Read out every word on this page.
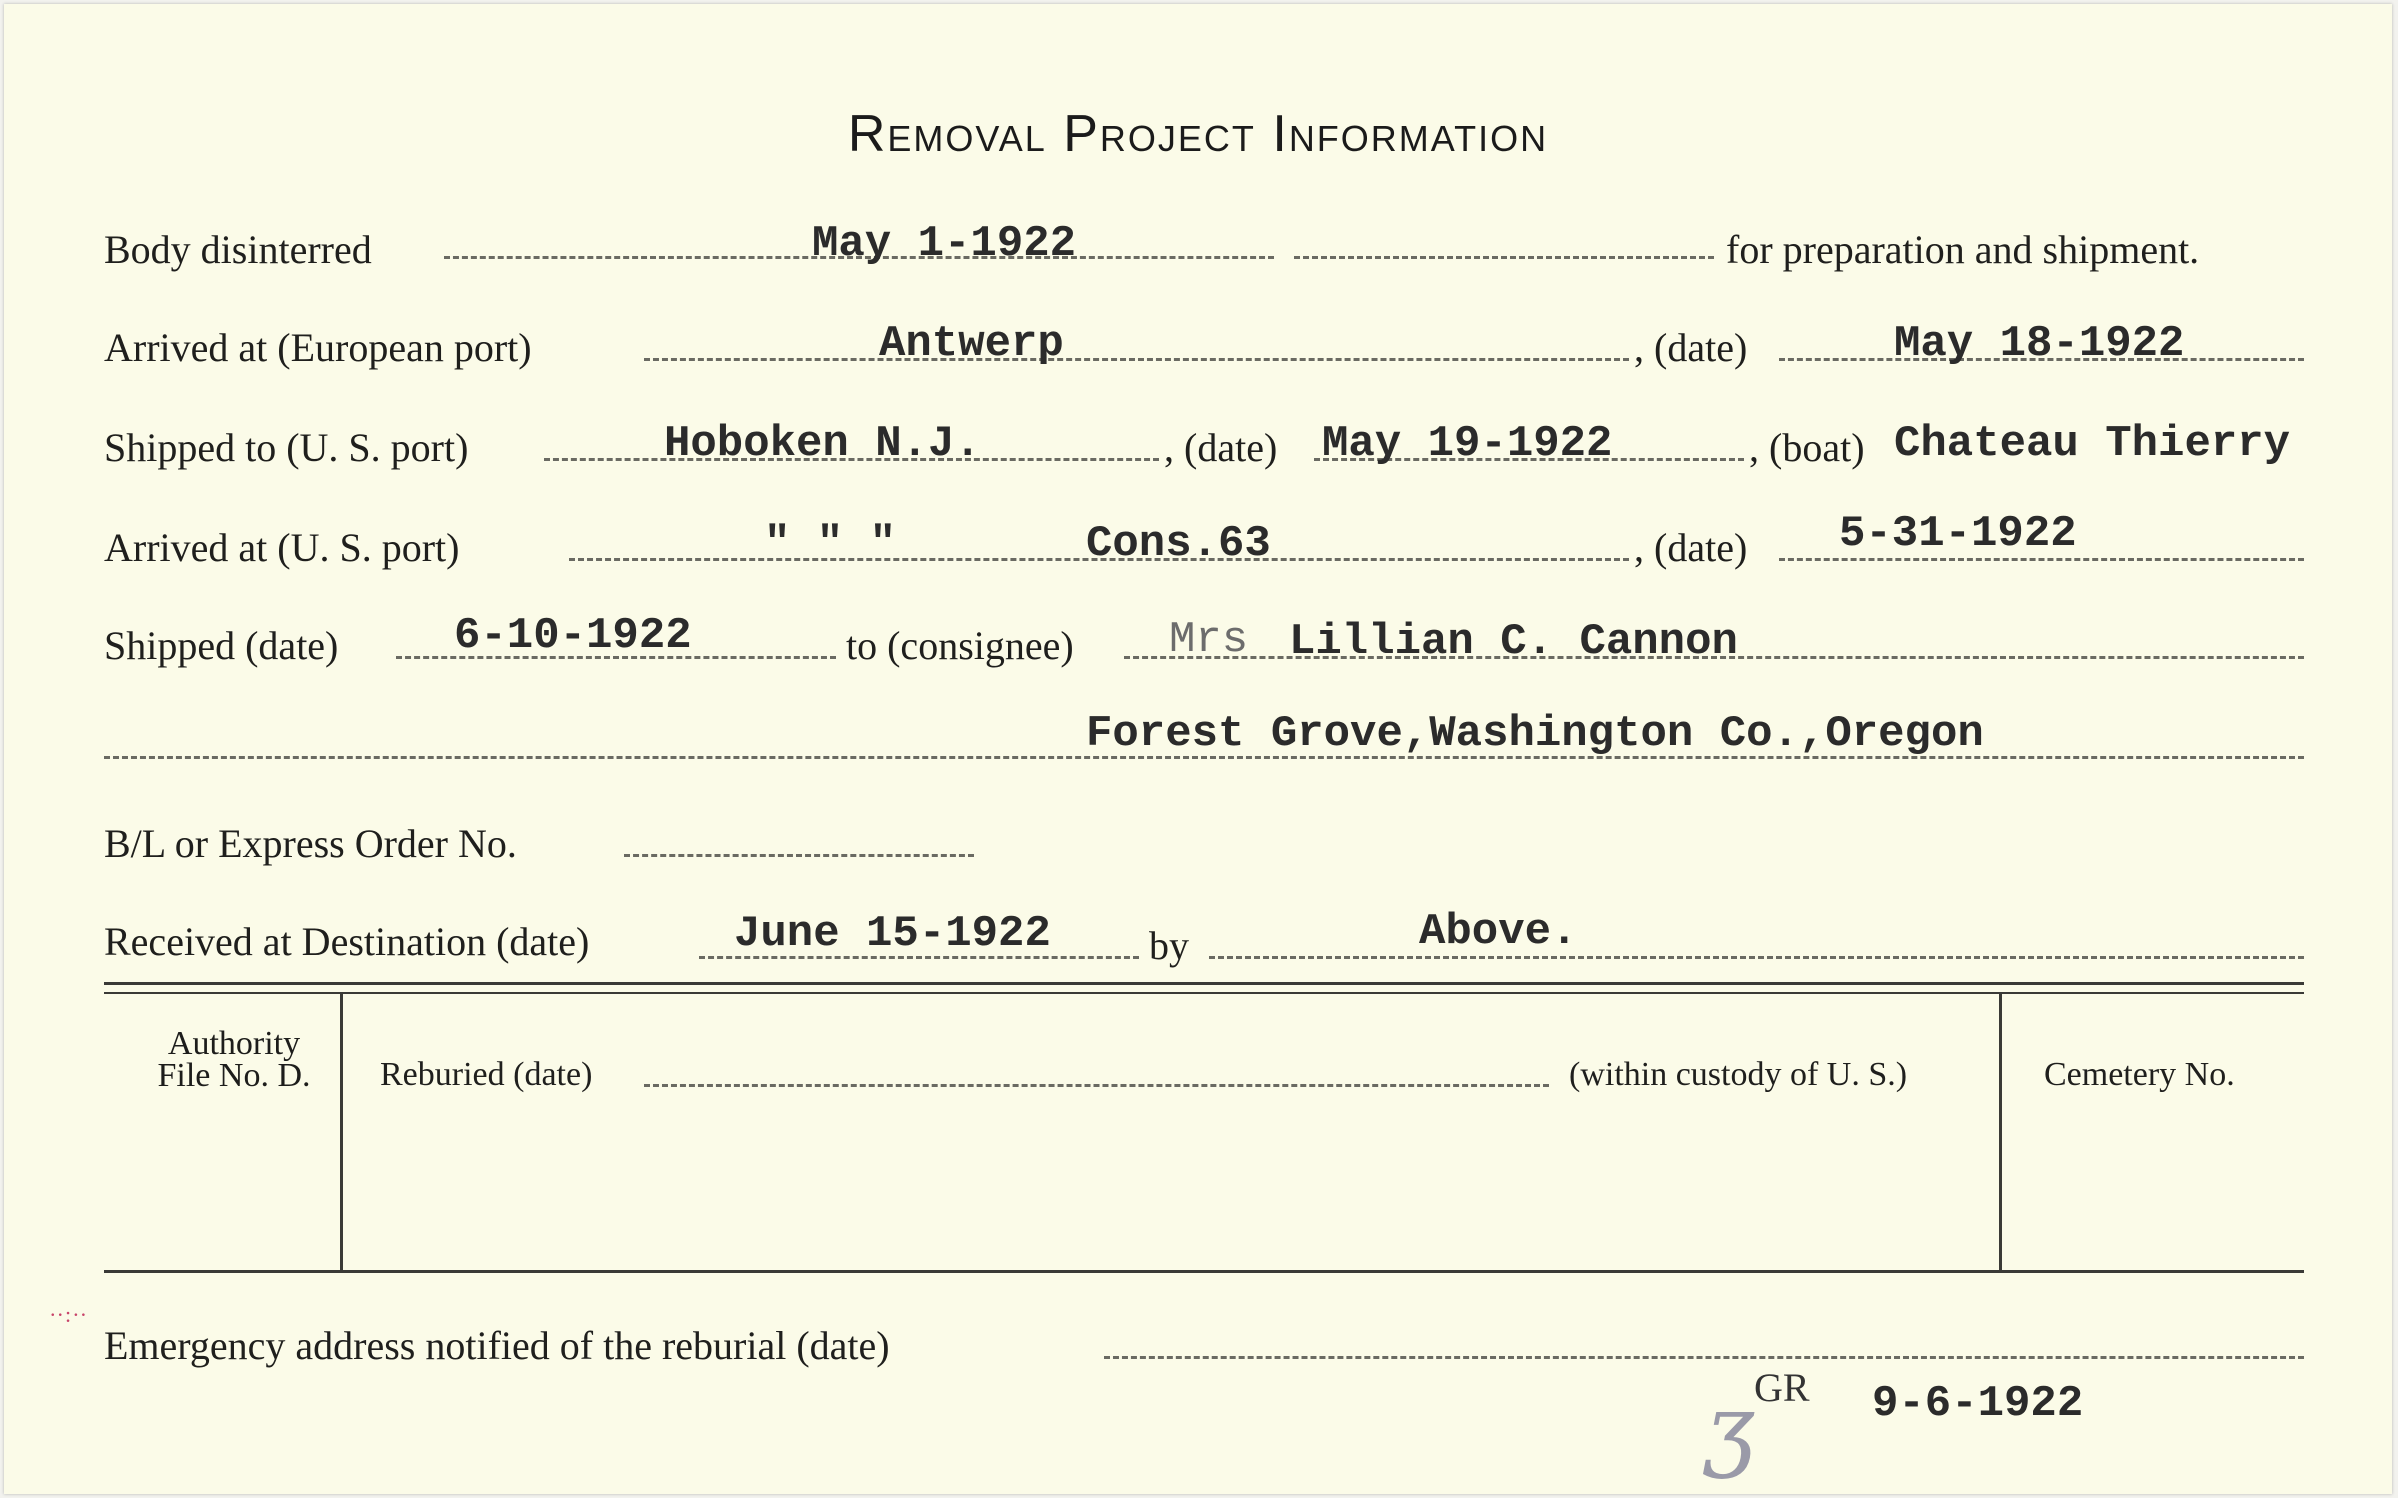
Removal Project Information
Body disinterred	May 1-1922	for preparation and shipment.
Arrived at (European port)	Antwerp	, (date)	May 18-1922
Shipped to (U. S. port)	Hoboken N.J.	, (date) May 19-1922	, (boat) Chateau Thierry
Arrived at (U. S. port)	" " "	Cons.63	, (date) 5-31-1922
Shipped (date)	6-10-1922	to (consignee) Mrs Lillian C. Cannon
Forest Grove,Washington Co.,Oregon
B/L or Express Order No.
Received at Destination (date)	June 15-1922 by	Above.
Authority
File No. D.	Reburied (date)	(within custody of U. S.)	Cemetery No.
∙∙:∙∙
Emergency address notified of the reburial (date)
ʒ GR 9-6-1922
